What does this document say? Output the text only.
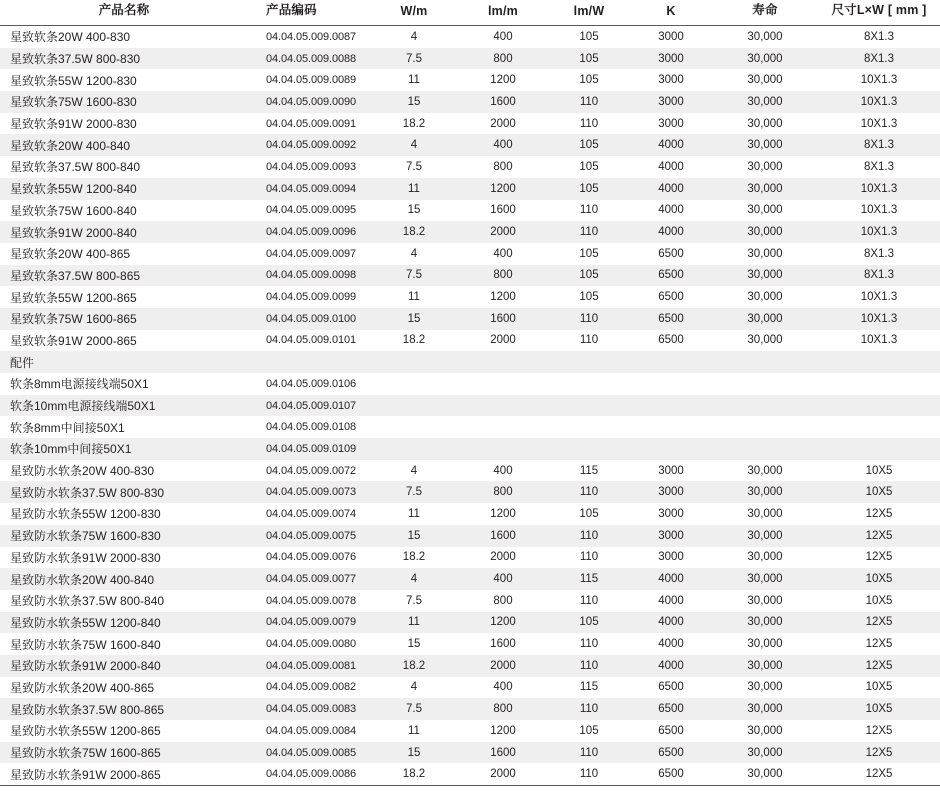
产品名称	产品编码	W/m	lm/m	lm/W	K	寿命	尺寸L×W [ mm ]
星致软条20W 400-830	04.04.05.009.0087	4	400	105	3000	30,000	8X1.3
星致软条37.5W 800-830	04.04.05.009.0088	7.5	800	105	3000	30,000	8X1.3
星致软条55W 1200-830	04.04.05.009.0089	11	1200	105	3000	30,000	10X1.3
星致软条75W 1600-830	04.04.05.009.0090	15	1600	110	3000	30,000	10X1.3
星致软条91W 2000-830	04.04.05.009.0091	18.2	2000	110	3000	30,000	10X1.3
星致软条20W 400-840	04.04.05.009.0092	4	400	105	4000	30,000	8X1.3
星致软条37.5W 800-840	04.04.05.009.0093	7.5	800	105	4000	30,000	8X1.3
星致软条55W 1200-840	04.04.05.009.0094	11	1200	105	4000	30,000	10X1.3
星致软条75W 1600-840	04.04.05.009.0095	15	1600	110	4000	30,000	10X1.3
星致软条91W 2000-840	04.04.05.009.0096	18.2	2000	110	4000	30,000	10X1.3
星致软条20W 400-865	04.04.05.009.0097	4	400	105	6500	30,000	8X1.3
星致软条37.5W 800-865	04.04.05.009.0098	7.5	800	105	6500	30,000	8X1.3
星致软条55W 1200-865	04.04.05.009.0099	11	1200	105	6500	30,000	10X1.3
星致软条75W 1600-865	04.04.05.009.0100	15	1600	110	6500	30,000	10X1.3
星致软条91W 2000-865	04.04.05.009.0101	18.2	2000	110	6500	30,000	10X1.3
配件							
软条8mm电源接线端50X1	04.04.05.009.0106						
软条10mm电源接线端50X1	04.04.05.009.0107						
软条8mm中间接50X1	04.04.05.009.0108						
软条10mm中间接50X1	04.04.05.009.0109						
星致防水软条20W 400-830	04.04.05.009.0072	4	400	115	3000	30,000	10X5
星致防水软条37.5W 800-830	04.04.05.009.0073	7.5	800	110	3000	30,000	10X5
星致防水软条55W 1200-830	04.04.05.009.0074	11	1200	105	3000	30,000	12X5
星致防水软条75W 1600-830	04.04.05.009.0075	15	1600	110	3000	30,000	12X5
星致防水软条91W 2000-830	04.04.05.009.0076	18.2	2000	110	3000	30,000	12X5
星致防水软条20W 400-840	04.04.05.009.0077	4	400	115	4000	30,000	10X5
星致防水软条37.5W 800-840	04.04.05.009.0078	7.5	800	110	4000	30,000	10X5
星致防水软条55W 1200-840	04.04.05.009.0079	11	1200	105	4000	30,000	12X5
星致防水软条75W 1600-840	04.04.05.009.0080	15	1600	110	4000	30,000	12X5
星致防水软条91W 2000-840	04.04.05.009.0081	18.2	2000	110	4000	30,000	12X5
星致防水软条20W 400-865	04.04.05.009.0082	4	400	115	6500	30,000	10X5
星致防水软条37.5W 800-865	04.04.05.009.0083	7.5	800	110	6500	30,000	10X5
星致防水软条55W 1200-865	04.04.05.009.0084	11	1200	105	6500	30,000	12X5
星致防水软条75W 1600-865	04.04.05.009.0085	15	1600	110	6500	30,000	12X5
星致防水软条91W 2000-865	04.04.05.009.0086	18.2	2000	110	6500	30,000	12X5
